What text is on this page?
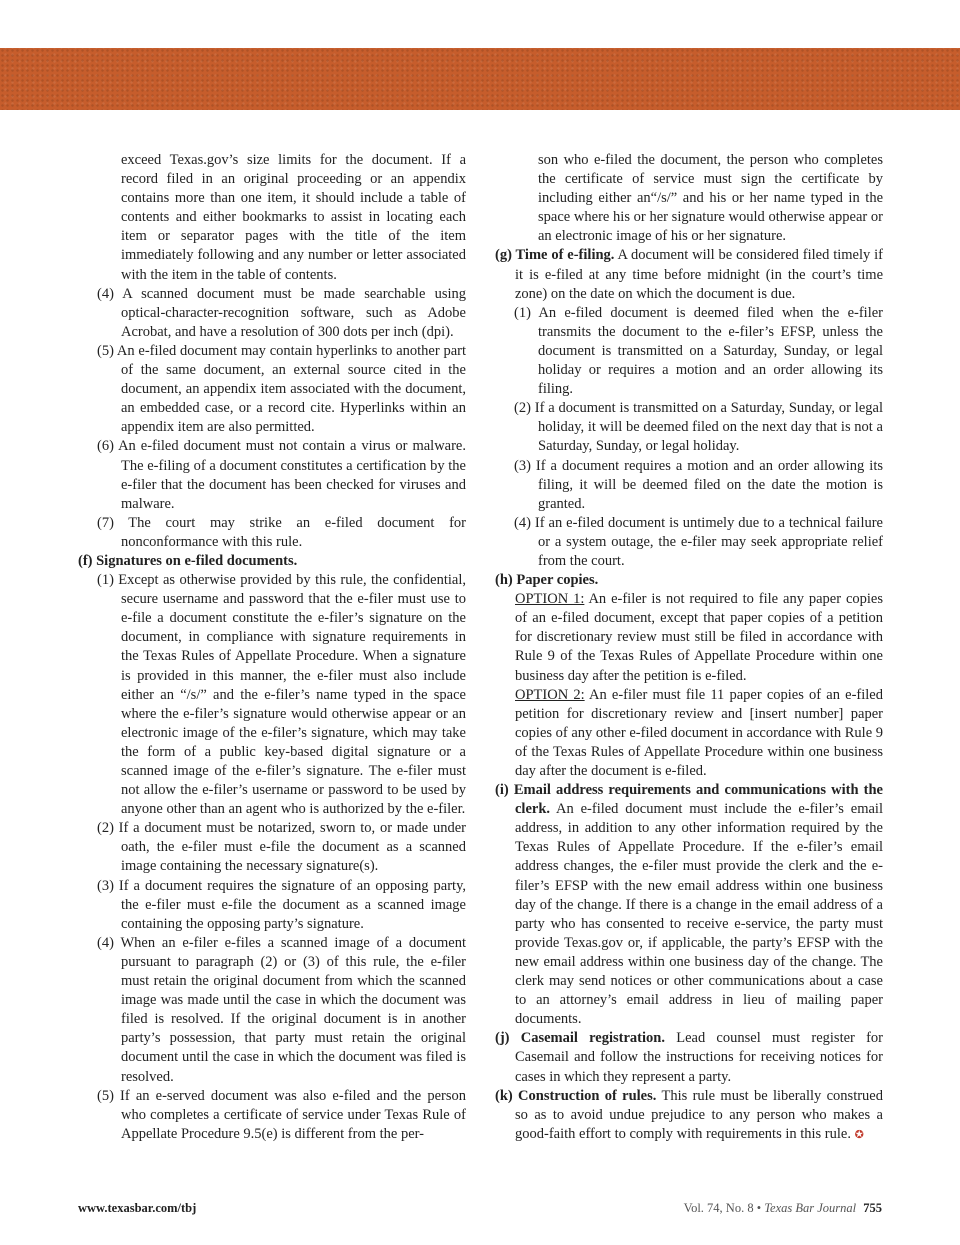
exceed Texas.gov’s size limits for the document. If a record filed in an original proceeding or an appendix contains more than one item, it should include a table of contents and either bookmarks to assist in locating each item or separator pages with the title of the item immediately following and any number or letter associated with the item in the table of contents.

(4) A scanned document must be made searchable using optical-character-recognition software, such as Adobe Acrobat, and have a resolution of 300 dots per inch (dpi).

(5) An e-filed document may contain hyperlinks to another part of the same document, an external source cited in the document, an appendix item associated with the document, an embedded case, or a record cite. Hyperlinks within an appendix item are also permitted.

(6) An e-filed document must not contain a virus or malware. The e-filing of a document constitutes a certification by the e-filer that the document has been checked for viruses and malware.

(7) The court may strike an e-filed document for nonconformance with this rule.

(f) Signatures on e-filed documents.

(1) Except as otherwise provided by this rule, the confidential, secure username and password that the e-filer must use to e-file a document constitute the e-filer’s signature on the document, in compliance with signature requirements in the Texas Rules of Appellate Procedure. When a signature is provided in this manner, the e-filer must also include either an “/s/” and the e-filer’s name typed in the space where the e-filer’s signature would otherwise appear or an electronic image of the e-filer’s signature, which may take the form of a public key-based digital signature or a scanned image of the e-filer’s signature. The e-filer must not allow the e-filer’s username or password to be used by anyone other than an agent who is authorized by the e-filer.

(2) If a document must be notarized, sworn to, or made under oath, the e-filer must e-file the document as a scanned image containing the necessary signature(s).

(3) If a document requires the signature of an opposing party, the e-filer must e-file the document as a scanned image containing the opposing party’s signature.

(4) When an e-filer e-files a scanned image of a document pursuant to paragraph (2) or (3) of this rule, the e-filer must retain the original document from which the scanned image was made until the case in which the document was filed is resolved. If the original document is in another party’s possession, that party must retain the original document until the case in which the document was filed is resolved.

(5) If an e-served document was also e-filed and the person who completes a certificate of service under Texas Rule of Appellate Procedure 9.5(e) is different from the per-

son who e-filed the document, the person who completes the certificate of service must sign the certificate by including either an“/s/” and his or her name typed in the space where his or her signature would otherwise appear or an electronic image of his or her signature.

(g) Time of e-filing. A document will be considered filed timely if it is e-filed at any time before midnight (in the court’s time zone) on the date on which the document is due.

(1) An e-filed document is deemed filed when the e-filer transmits the document to the e-filer’s EFSP, unless the document is transmitted on a Saturday, Sunday, or legal holiday or requires a motion and an order allowing its filing.

(2) If a document is transmitted on a Saturday, Sunday, or legal holiday, it will be deemed filed on the next day that is not a Saturday, Sunday, or legal holiday.

(3) If a document requires a motion and an order allowing its filing, it will be deemed filed on the date the motion is granted.

(4) If an e-filed document is untimely due to a technical failure or a system outage, the e-filer may seek appropriate relief from the court.

(h) Paper copies.

OPTION 1: An e-filer is not required to file any paper copies of an e-filed document, except that paper copies of a petition for discretionary review must still be filed in accordance with Rule 9 of the Texas Rules of Appellate Procedure within one business day after the petition is e-filed.

OPTION 2: An e-filer must file 11 paper copies of an e-filed petition for discretionary review and [insert number] paper copies of any other e-filed document in accordance with Rule 9 of the Texas Rules of Appellate Procedure within one business day after the document is e-filed.

(i) Email address requirements and communications with the clerk. An e-filed document must include the e-filer’s email address, in addition to any other information required by the Texas Rules of Appellate Procedure. If the e-filer’s email address changes, the e-filer must provide the clerk and the e-filer’s EFSP with the new email address within one business day of the change. If there is a change in the email address of a party who has consented to receive e-service, the party must provide Texas.gov or, if applicable, the party’s EFSP with the new email address within one business day of the change. The clerk may send notices or other communications about a case to an attorney’s email address in lieu of mailing paper documents.

(j) Casemail registration. Lead counsel must register for Casemail and follow the instructions for receiving notices for cases in which they represent a party.

(k) Construction of rules. This rule must be liberally construed so as to avoid undue prejudice to any person who makes a good-faith effort to comply with requirements in this rule. ✪

www.texasbar.com/tbj	Vol. 74, No. 8 • Texas Bar Journal 755
